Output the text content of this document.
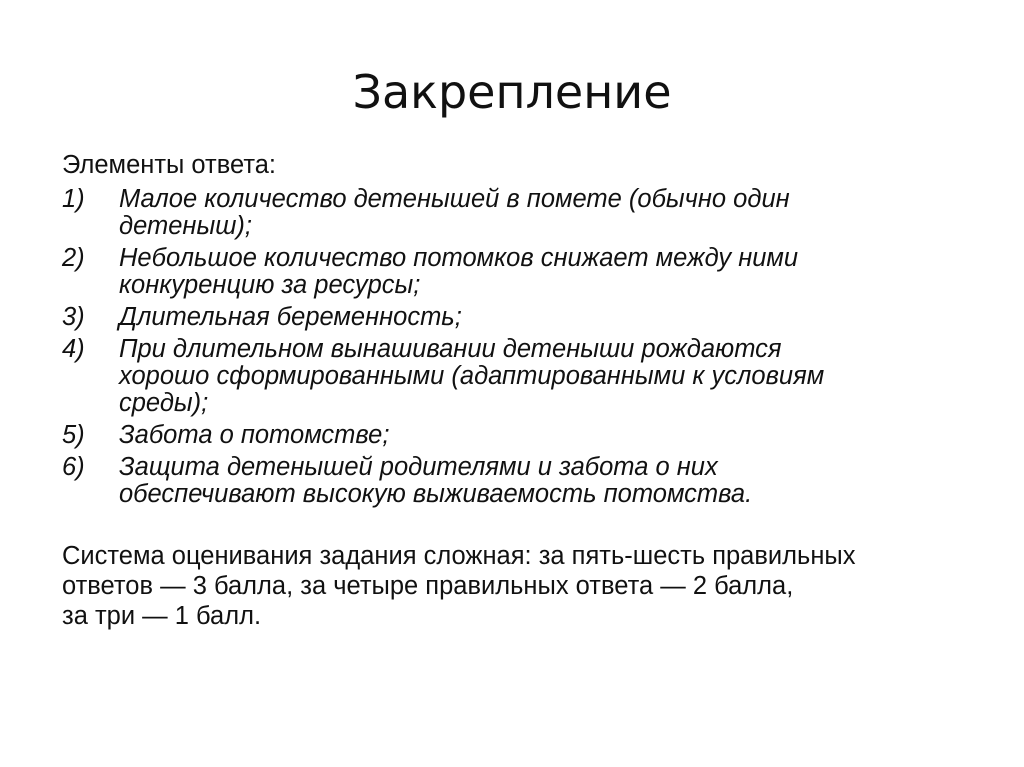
Закрепление
Элементы ответа:
1)	Малое количество детенышей в помете (обычно один
детеныш);
2)	Небольшое количество потомков снижает между ними
конкуренцию за ресурсы;
3)	Длительная беременность;
4)	При длительном вынашивании детеныши рождаются
хорошо сформированными (адаптированными к условиям
среды);
5)	Забота о потомстве;
6)	Защита детенышей родителями и забота о них
обеспечивают высокую выживаемость потомства.
Система оценивания задания сложная: за пять-шесть правильных
ответов — 3 балла, за четыре правильных ответа — 2 балла,
за три — 1 балл.
